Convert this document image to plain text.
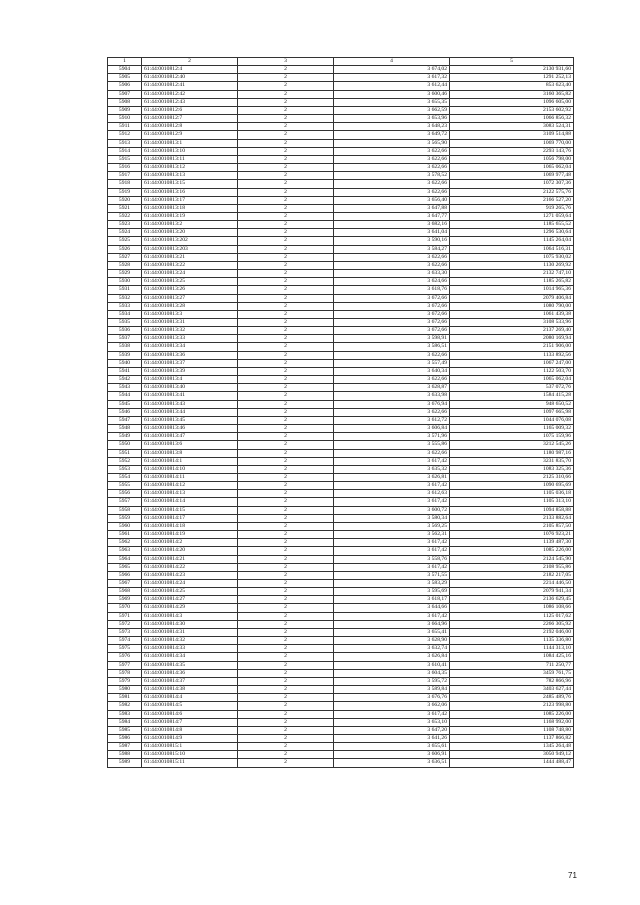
1	2	3	4	5
5904	61:44:0010812:4	2	3 674,02	2130 931,60
5905	61:44:0010812:40	2	3 617,32	1291 252,13
5906	61:44:0010812:41	2	3 612,44	853 623,40
5907	61:44:0010812:42	2	3 600,46	3160 365,82
5908	61:44:0010812:43	2	3 655,35	1096 605,00
5909	61:44:0010812:6	2	3 662,59	2153 602,92
5910	61:44:0010812:7	2	3 653,96	1066 856,32
5911	61:44:0010812:8	2	3 648,23	3083 524,31
5912	61:44:0010812:9	2	3 649,72	3109 514,88
5913	61:44:0010813:1	2	3 565,90	1069 770,00
5914	61:44:0010813:10	2	3 622,66	2293 143,76
5915	61:44:0010813:11	2	3 622,66	1056 798,00
5916	61:44:0010813:12	2	3 622,66	1065 062,04
5917	61:44:0010813:13	2	3 578,52	1069 977,48
5918	61:44:0010813:15	2	3 622,66	1072 307,36
5919	61:44:0010813:16	2	3 622,66	2122 575,76
5920	61:44:0010813:17	2	3 656,40	2166 527,20
5921	61:44:0010813:18	2	3 647,88	919 265,76
5922	61:44:0010813:19	2	3 647,77	1271 059,64
5923	61:44:0010813:2	2	3 682,16	1185 655,52
5924	61:44:0010813:20	2	3 641,04	1296 530,64
5925	61:44:0010813:202	2	3 590,16	1145 264,04
5926	61:44:0010813:203	2	3 584,27	1064 516,31
5927	61:44:0010813:21	2	3 622,66	1075 930,02
5928	61:44:0010813:22	2	3 622,66	1130 269,92
5929	61:44:0010813:24	2	3 633,30	2132 747,10
5930	61:44:0010813:25	2	3 624,66	1185 265,82
5931	61:44:0010813:26	2	3 618,76	1014 965,36
5932	61:44:0010813:27	2	3 672,66	2079 406,84
5933	61:44:0010813:28	2	3 672,66	1080 790,00
5934	61:44:0010813:3	2	3 672,66	1061 439,38
5935	61:44:0010813:31	2	3 672,66	3108 533,96
5936	61:44:0010813:32	2	3 672,66	2137 269,40
5937	61:44:0010813:33	2	3 598,91	2080 169,94
5938	61:44:0010813:34	2	3 586,51	2151 906,00
5939	61:44:0010813:36	2	3 622,66	1133 892,56
5940	61:44:0010813:37	2	3 557,49	1067 247,00
5941	61:44:0010813:39	2	3 640,34	1122 503,70
5942	61:44:0010813:4	2	3 622,66	1065 062,04
5943	61:44:0010813:40	2	3 628,87	537 072,76
5944	61:44:0010813:41	2	3 633,98	1584 415,28
5945	61:44:0010813:43	2	3 676,94	948 650,52
5946	61:44:0010813:44	2	3 622,66	1097 665,98
5947	61:44:0010813:45	2	3 612,72	1044 076,08
5948	61:44:0010813:46	2	3 606,84	1165 009,32
5949	61:44:0010813:47	2	3 571,96	1075 159,96
5950	61:44:0010813:6	2	3 555,86	3212 545,26
5951	61:44:0010813:8	2	3 622,66	1180 987,16
5952	61:44:0010814:1	2	3 617,42	3231 835,70
5953	61:44:0010814:10	2	3 635,32	1083 325,36
5954	61:44:0010814:11	2	3 626,81	2125 310,66
5955	61:44:0010814:12	2	3 617,42	1090 695,69
5956	61:44:0010814:13	2	3 612,63	1105 036,18
5957	61:44:0010814:14	2	3 617,42	1105 313,10
5958	61:44:0010814:15	2	3 600,72	1094 858,88
5959	61:44:0010814:17	2	3 580,34	2133 882,64
5960	61:44:0010814:18	2	3 569,25	2105 857,50
5961	61:44:0010814:19	2	3 562,31	1076 923,21
5962	61:44:0010814:2	2	3 617,42	1139 487,30
5963	61:44:0010814:20	2	3 617,42	1085 226,00
5964	61:44:0010814:21	2	3 558,76	2124 545,90
5965	61:44:0010814:22	2	3 617,42	2108 955,86
5966	61:44:0010814:23	2	3 571,55	2182 217,05
5967	61:44:0010814:24	2	3 583,29	2214 446,50
5968	61:44:0010814:25	2	3 595,69	2079 941,34
5969	61:44:0010814:27	2	3 618,17	2136 629,45
5970	61:44:0010814:29	2	3 644,66	1086 108,66
5971	61:44:0010814:3	2	3 617,42	1125 017,62
5972	61:44:0010814:30	2	3 664,96	2266 305,92
5973	61:44:0010814:31	2	3 655,41	2192 046,00
5974	61:44:0010814:32	2	3 628,90	1135 336,80
5975	61:44:0010814:33	2	3 632,74	1144 313,10
5976	61:44:0010814:34	2	3 626,84	1084 425,16
5977	61:44:0010814:35	2	3 610,41	711 250,77
5978	61:44:0010814:36	2	3 604,35	3459 761,75
5979	61:44:0010814:37	2	3 595,72	782 866,96
5980	61:44:0010814:38	2	3 589,84	3403 627,44
5981	61:44:0010814:4	2	3 676,76	2485 489,76
5982	61:44:0010814:5	2	3 662,06	2123 998,80
5983	61:44:0010814:6	2	3 617,42	1085 226,00
5984	61:44:0010814:7	2	3 653,10	1168 992,00
5985	61:44:0010814:8	2	3 647,20	1108 748,80
5986	61:44:0010814:9	2	3 641,26	1137 866,82
5987	61:44:0010815:1	2	3 655,61	1345 264,48
5988	61:44:0010815:10	2	3 606,91	3050 949,12
5989	61:44:0010815:11	2	3 636,51	1444 488,47
71
